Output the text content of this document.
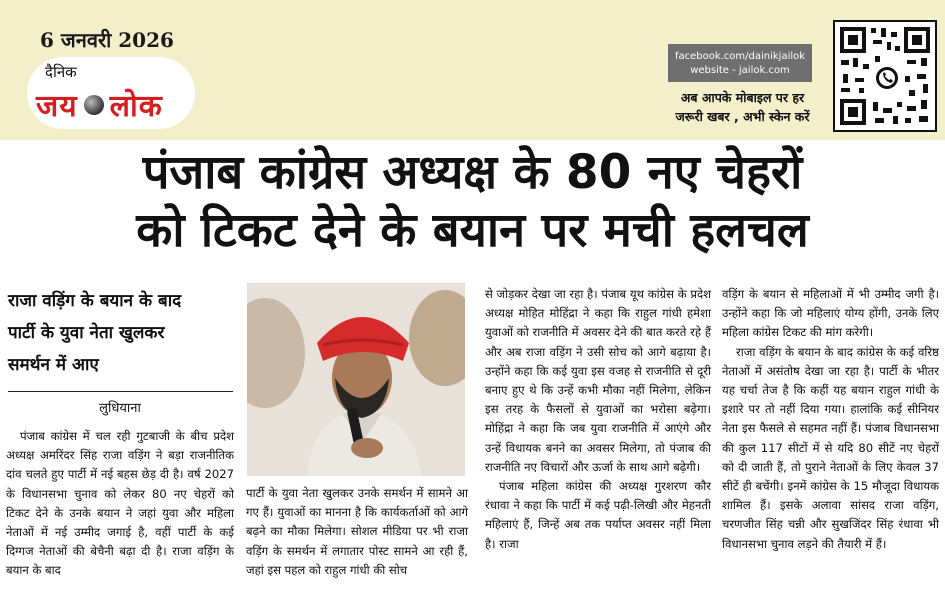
6 जनवरी 2026
दैनिक
जय लोक
facebook.com/dainikjailok
website - jailok.com
अब आपके मोबाइल पर हर
जरूरी खबर , अभी स्केन करें
पंजाब कांग्रेस अध्यक्ष के 80 नए चेहरों
को टिकट देने के बयान पर मची हलचल
राजा वड़िंग के बयान के बाद पार्टी के युवा नेता खुलकर समर्थन में आए
लुधियाना

पंजाब कांग्रेस में चल रही गुटबाजी के बीच प्रदेश अध्यक्ष अमरिंदर सिंह राजा वड़िंग ने बड़ा राजनीतिक दांव चलते हुए पार्टी में नई बहस छेड़ दी है। वर्ष 2027 के विधानसभा चुनाव को लेकर 80 नए चेहरों को टिकट देने के उनके बयान ने जहां युवा और महिला नेताओं में नई उम्मीद जगाई है, वहीं पार्टी के कई दिग्गज नेताओं की बेचैनी बढ़ा दी है। राजा वड़िंग के बयान के बाद

पार्टी के युवा नेता खुलकर उनके समर्थन में सामने आ गए हैं। युवाओं का मानना है कि कार्यकर्ताओं को आगे बढ़ने का मौका मिलेगा। सोशल मीडिया पर भी राजा वड़िंग के समर्थन में लगातार पोस्ट सामने आ रही हैं, जहां इस पहल को राहुल गांधी की सोच

से जोड़कर देखा जा रहा है। पंजाब यूथ कांग्रेस के प्रदेश अध्यक्ष मोहित मोहिंद्रा ने कहा कि राहुल गांधी हमेशा युवाओं को राजनीति में अवसर देने की बात करते रहे हैं और अब राजा वड़िंग ने उसी सोच को आगे बढ़ाया है। उन्होंने कहा कि कई युवा इस वजह से राजनीति से दूरी बनाए हुए थे कि उन्हें कभी मौका नहीं मिलेगा, लेकिन इस तरह के फैसलों से युवाओं का भरोसा बढ़ेगा। मोहिंद्रा ने कहा कि जब युवा राजनीति में आएंगे और उन्हें विधायक बनने का अवसर मिलेगा, तो पंजाब की राजनीति नए विचारों और ऊर्जा के साथ आगे बढ़ेगी।

पंजाब महिला कांग्रेस की अध्यक्ष गुरशरण कौर रंधावा ने कहा कि पार्टी में कई पढ़ी-लिखी और मेहनती महिलाएं हैं, जिन्हें अब तक पर्याप्त अवसर नहीं मिला है। राजा

वड़िंग के बयान से महिलाओं में भी उम्मीद जगी है। उन्होंने कहा कि जो महिलाएं योग्य होंगी, उनके लिए महिला कांग्रेस टिकट की मांग करेगी।

राजा वड़िंग के बयान के बाद कांग्रेस के कई वरिष्ठ नेताओं में असंतोष देखा जा रहा है। पार्टी के भीतर यह चर्चा तेज है कि कहीं यह बयान राहुल गांधी के इशारे पर तो नहीं दिया गया। हालांकि कई सीनियर नेता इस फैसले से सहमत नहीं हैं। पंजाब विधानसभा की कुल 117 सीटों में से यदि 80 सीटें नए चेहरों को दी जाती हैं, तो पुराने नेताओं के लिए केवल 37 सीटें ही बचेंगी। इनमें कांग्रेस के 15 मौजूदा विधायक शामिल हैं। इसके अलावा सांसद राजा वड़िंग, चरणजीत सिंह चन्नी और सुखजिंदर सिंह रंधावा भी विधानसभा चुनाव लड़ने की तैयारी में हैं।
